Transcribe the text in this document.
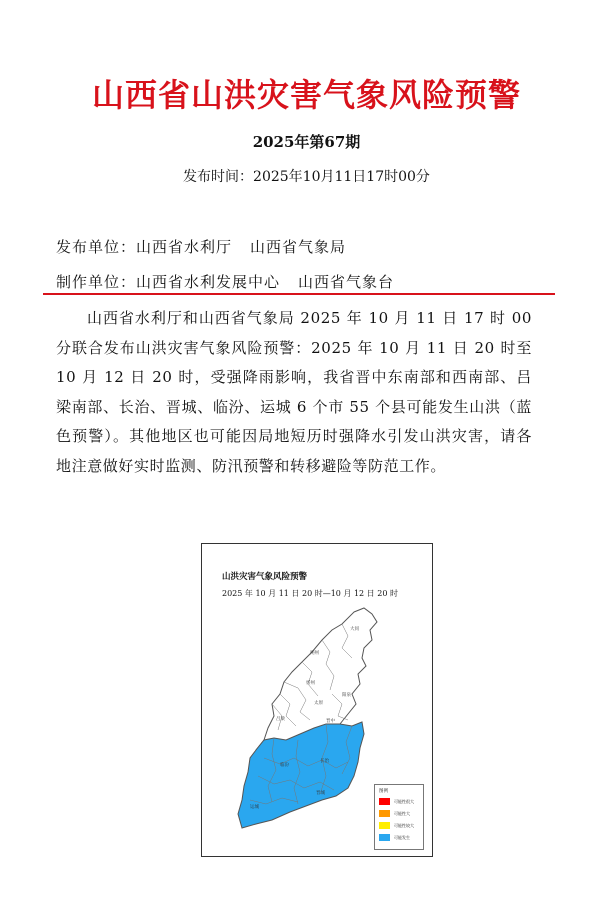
山西省山洪灾害气象风险预警
2025年第67期
发布时间：2025年10月11日17时00分
发布单位：山西省水利厅 山西省气象局
制作单位：山西省水利发展中心 山西省气象台
山西省水利厅和山西省气象局 2025 年 10 月 11 日 17 时 00分联合发布山洪灾害气象风险预警：2025 年 10 月 11 日 20 时至 10 月 12 日 20 时，受强降雨影响，我省晋中东南部和西南部、吕梁南部、长治、晋城、临汾、运城 6 个市 55 个县可能发生山洪（蓝色预警）。其他地区也可能因局地短历时强降水引发山洪灾害，请各地注意做好实时监测、防汛预警和转移避险等防范工作。
山洪灾害气象风险预警
2025 年 10 月 11 日 20 时—10 月 12 日 20 时
大同
朔州
忻州
阳泉
太原
吕梁	晋中
长治
临汾
晋城
运城
图例
可能性很大
可能性大
可能性较大
可能发生
